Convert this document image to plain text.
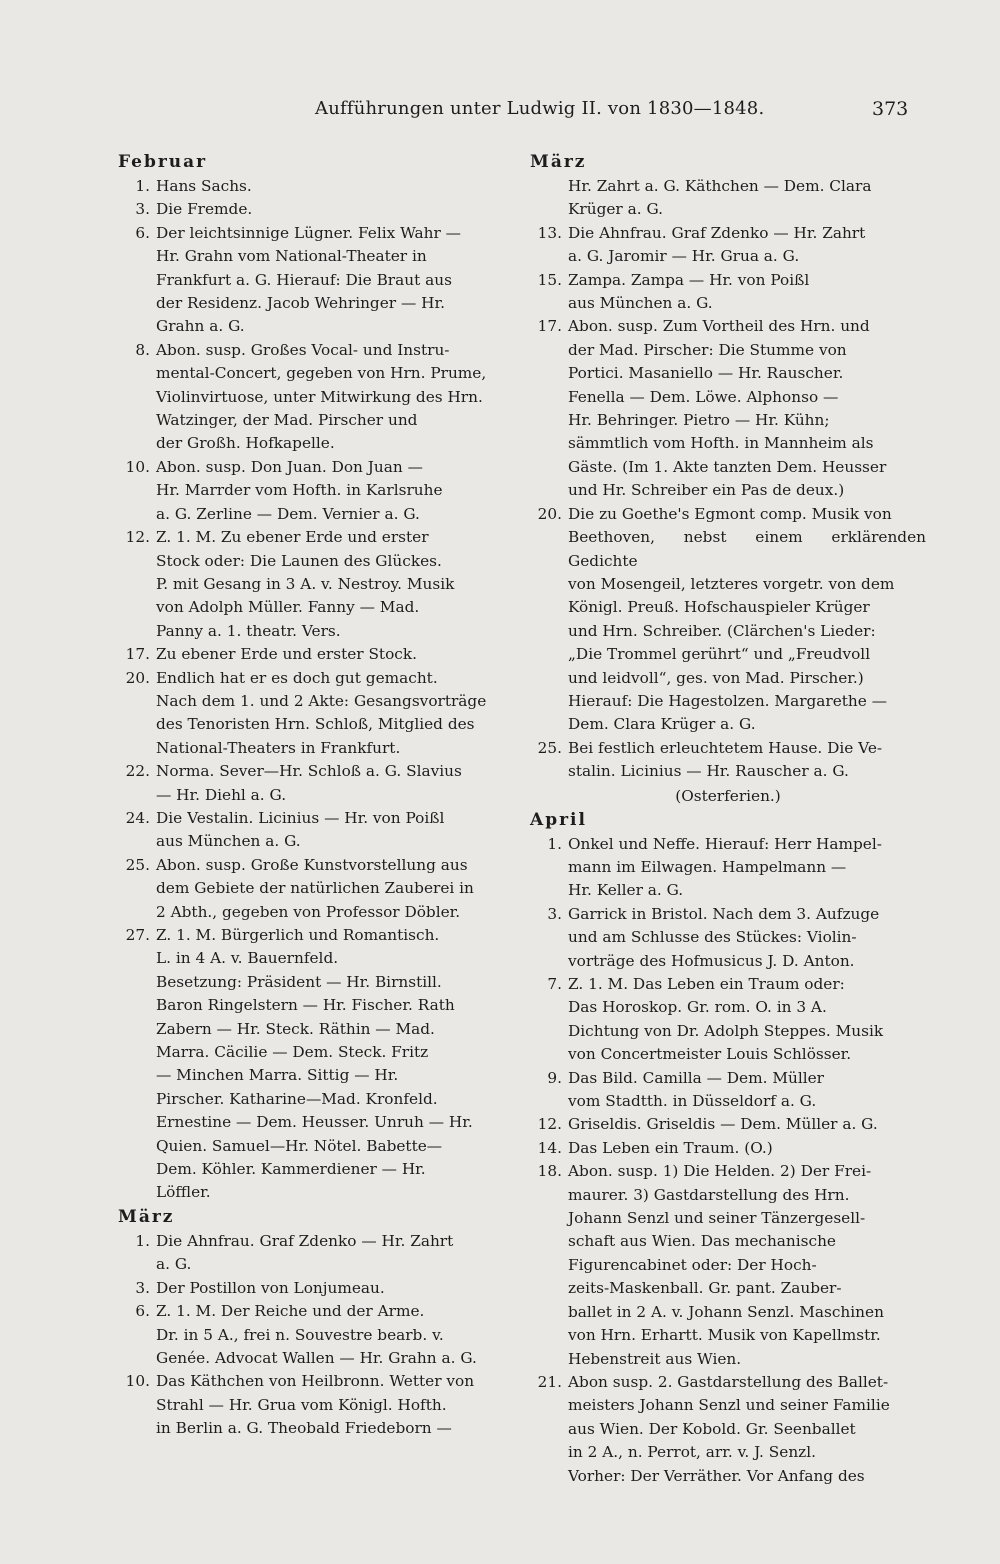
Aufführungen unter Ludwig II. von 1830—1848.	373
Februar
1. Hans Sachs.
3. Die Fremde.
6. Der leichtsinnige Lügner. Felix Wahr —
Hr. Grahn vom National-Theater in
Frankfurt a. G. Hierauf: Die Braut aus
der Residenz. Jacob Wehringer — Hr.
Grahn a. G.
8. Abon. susp. Großes Vocal- und Instru-
mental-Concert, gegeben von Hrn. Prume,
Violinvirtuose, unter Mitwirkung des Hrn.
Watzinger, der Mad. Pirscher und
der Großh. Hofkapelle.
10. Abon. susp. Don Juan. Don Juan —
Hr. Marrder vom Hofth. in Karlsruhe
a. G. Zerline — Dem. Vernier a. G.
12. Z. 1. M. Zu ebener Erde und erster
Stock oder: Die Launen des Glückes.
P. mit Gesang in 3 A. v. Nestroy. Musik
von Adolph Müller. Fanny — Mad.
Panny a. 1. theatr. Vers.
17. Zu ebener Erde und erster Stock.
20. Endlich hat er es doch gut gemacht.
Nach dem 1. und 2 Akte: Gesangsvorträge
des Tenoristen Hrn. Schloß, Mitglied des
National-Theaters in Frankfurt.
22. Norma. Sever—Hr. Schloß a. G. Slavius
— Hr. Diehl a. G.
24. Die Vestalin. Licinius — Hr. von Poißl
aus München a. G.
25. Abon. susp. Große Kunstvorstellung aus
dem Gebiete der natürlichen Zauberei in
2 Abth., gegeben von Professor Döbler.
27. Z. 1. M. Bürgerlich und Romantisch.
L. in 4 A. v. Bauernfeld.
Besetzung: Präsident — Hr. Birnstill.
Baron Ringelstern — Hr. Fischer. Rath
Zabern — Hr. Steck. Räthin — Mad.
Marra. Cäcilie — Dem. Steck. Fritz
— Minchen Marra. Sittig — Hr.
Pirscher. Katharine—Mad. Kronfeld.
Ernestine — Dem. Heusser. Unruh — Hr.
Quien. Samuel—Hr. Nötel. Babette—
Dem. Köhler. Kammerdiener — Hr.
Löffler.
März
1. Die Ahnfrau. Graf Zdenko — Hr. Zahrt
a. G.
3. Der Postillon von Lonjumeau.
6. Z. 1. M. Der Reiche und der Arme.
Dr. in 5 A., frei n. Souvestre bearb. v.
Genée. Advocat Wallen — Hr. Grahn a. G.
10. Das Käthchen von Heilbronn. Wetter von
Strahl — Hr. Grua vom Königl. Hofth.
in Berlin a. G. Theobald Friedeborn —
März
Hr. Zahrt a. G. Käthchen — Dem. Clara
Krüger a. G.
13. Die Ahnfrau. Graf Zdenko — Hr. Zahrt
a. G. Jaromir — Hr. Grua a. G.
15. Zampa. Zampa — Hr. von Poißl
aus München a. G.
17. Abon. susp. Zum Vortheil des Hrn. und
der Mad. Pirscher: Die Stumme von
Portici. Masaniello — Hr. Rauscher.
Fenella — Dem. Löwe. Alphonso —
Hr. Behringer. Pietro — Hr. Kühn;
sämmtlich vom Hofth. in Mannheim als
Gäste. (Im 1. Akte tanzten Dem. Heusser
und Hr. Schreiber ein Pas de deux.)
20. Die zu Goethe's Egmont comp. Musik von
Beethoven, nebst einem erklärenden Gedichte
von Mosengeil, letzteres vorgetr. von dem
Königl. Preuß. Hofschauspieler Krüger
und Hrn. Schreiber. (Clärchen's Lieder:
„Die Trommel gerührt“ und „Freudvoll
und leidvoll“, ges. von Mad. Pirscher.)
Hierauf: Die Hagestolzen. Margarethe —
Dem. Clara Krüger a. G.
25. Bei festlich erleuchtetem Hause. Die Ve-
stalin. Licinius — Hr. Rauscher a. G.
(Osterferien.)
April
1. Onkel und Neffe. Hierauf: Herr Hampel-
mann im Eilwagen. Hampelmann —
Hr. Keller a. G.
3. Garrick in Bristol. Nach dem 3. Aufzuge
und am Schlusse des Stückes: Violin-
vorträge des Hofmusicus J. D. Anton.
7. Z. 1. M. Das Leben ein Traum oder:
Das Horoskop. Gr. rom. O. in 3 A.
Dichtung von Dr. Adolph Steppes. Musik
von Concertmeister Louis Schlösser.
9. Das Bild. Camilla — Dem. Müller
vom Stadtth. in Düsseldorf a. G.
12. Griseldis. Griseldis — Dem. Müller a. G.
14. Das Leben ein Traum. (O.)
18. Abon. susp. 1) Die Helden. 2) Der Frei-
maurer. 3) Gastdarstellung des Hrn.
Johann Senzl und seiner Tänzergesell-
schaft aus Wien. Das mechanische
Figurencabinet oder: Der Hoch-
zeits-Maskenball. Gr. pant. Zauber-
ballet in 2 A. v. Johann Senzl. Maschinen
von Hrn. Erhartt. Musik von Kapellmstr.
Hebenstreit aus Wien.
21. Abon susp. 2. Gastdarstellung des Ballet-
meisters Johann Senzl und seiner Familie
aus Wien. Der Kobold. Gr. Seenballet
in 2 A., n. Perrot, arr. v. J. Senzl.
Vorher: Der Verräther. Vor Anfang des
